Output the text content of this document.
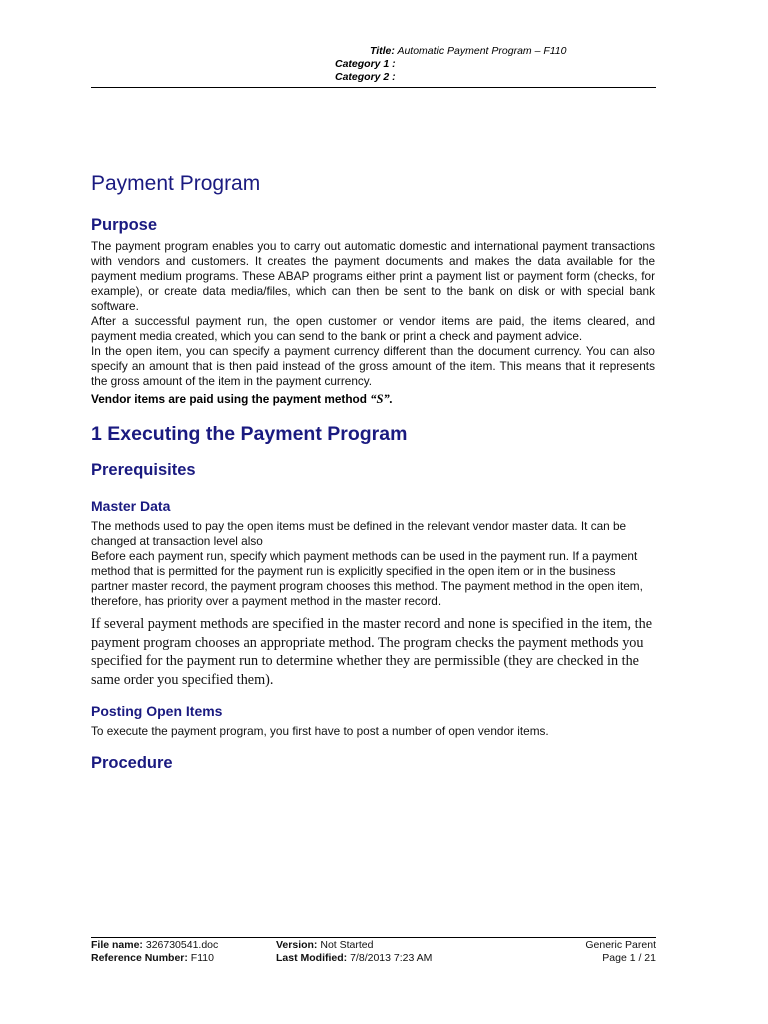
Title: Automatic Payment Program – F110
Category 1 :
Category 2 :
Payment Program
Purpose

The payment program enables you to carry out automatic domestic and international payment transactions with vendors and customers. It creates the payment documents and makes the data available for the payment medium programs. These ABAP programs either print a payment list or payment form (checks, for example), or create data media/files, which can then be sent to the bank on disk or with special bank software.

After a successful payment run, the open customer or vendor items are paid, the items cleared, and payment media created, which you can send to the bank or print a check and payment advice.

In the open item, you can specify a payment currency different than the document currency. You can also specify an amount that is then paid instead of the gross amount of the item. This means that it represents the gross amount of the item in the payment currency.

Vendor items are paid using the payment method “S”.
1 Executing the Payment Program
Prerequisites
Master Data

The methods used to pay the open items must be defined in the relevant vendor master data. It can be changed at transaction level also

Before each payment run, specify which payment methods can be used in the payment run. If a payment method that is permitted for the payment run is explicitly specified in the open item or in the business partner master record, the payment program chooses this method. The payment method in the open item, therefore, has priority over a payment method in the master record.

If several payment methods are specified in the master record and none is specified in the item, the payment program chooses an appropriate method. The program checks the payment methods you specified for the payment run to determine whether they are permissible (they are checked in the same order you specified them).

Posting Open Items

To execute the payment program, you first have to post a number of open vendor items.

Procedure
File name: 326730541.doc
Reference Number: F110
Version: Not Started
Last Modified: 7/8/2013 7:23 AM
Generic Parent
Page 1 / 21
